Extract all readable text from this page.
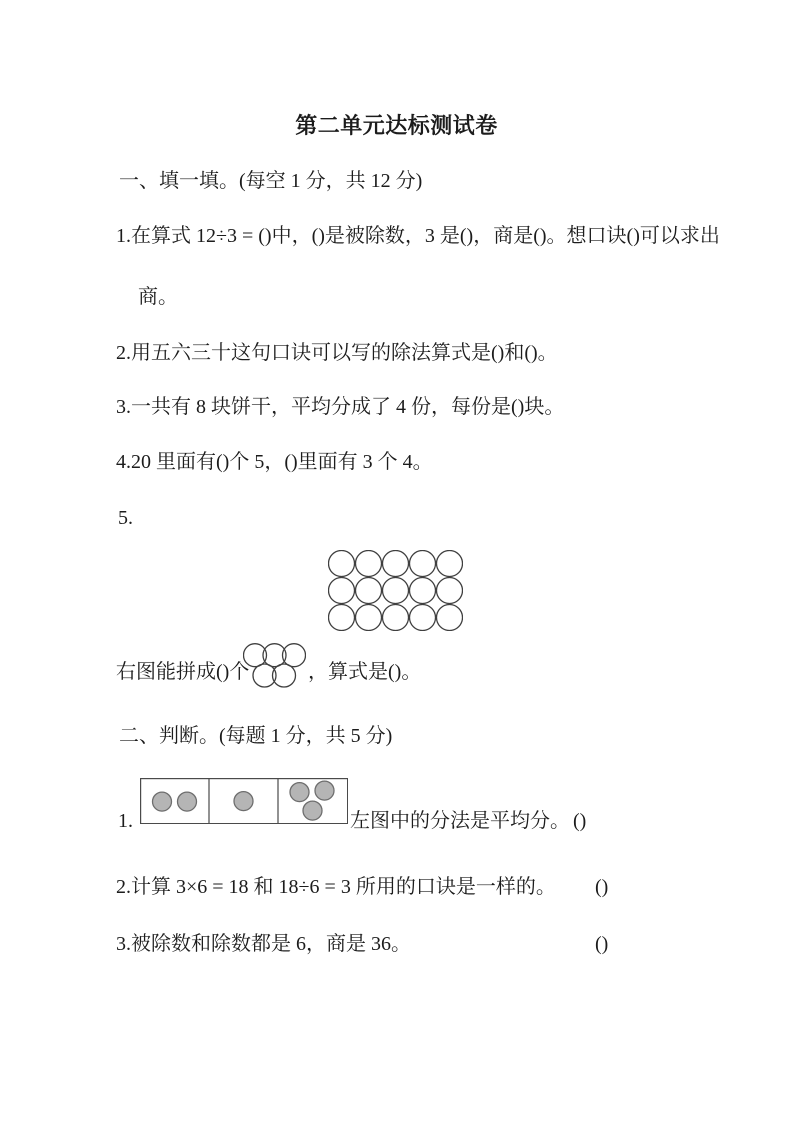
第二单元达标测试卷
一、填一填。(每空 1 分，共 12 分)
1.在算式 12÷3 = ()中，()是被除数，3 是()，商是()。想口诀()可以求出
商。
2.用五六三十这句口诀可以写的除法算式是()和()。
3.一共有 8 块饼干，平均分成了 4 份，每份是()块。
4.20 里面有()个 5，()里面有 3 个 4。
5.
右图能拼成()个	，算式是()。
二、判断。(每题 1 分，共 5 分)
1.	左图中的分法是平均分。 ()
2.计算 3×6 = 18 和 18÷6 = 3 所用的口诀是一样的。 ()
3.被除数和除数都是 6，商是 36。	()
